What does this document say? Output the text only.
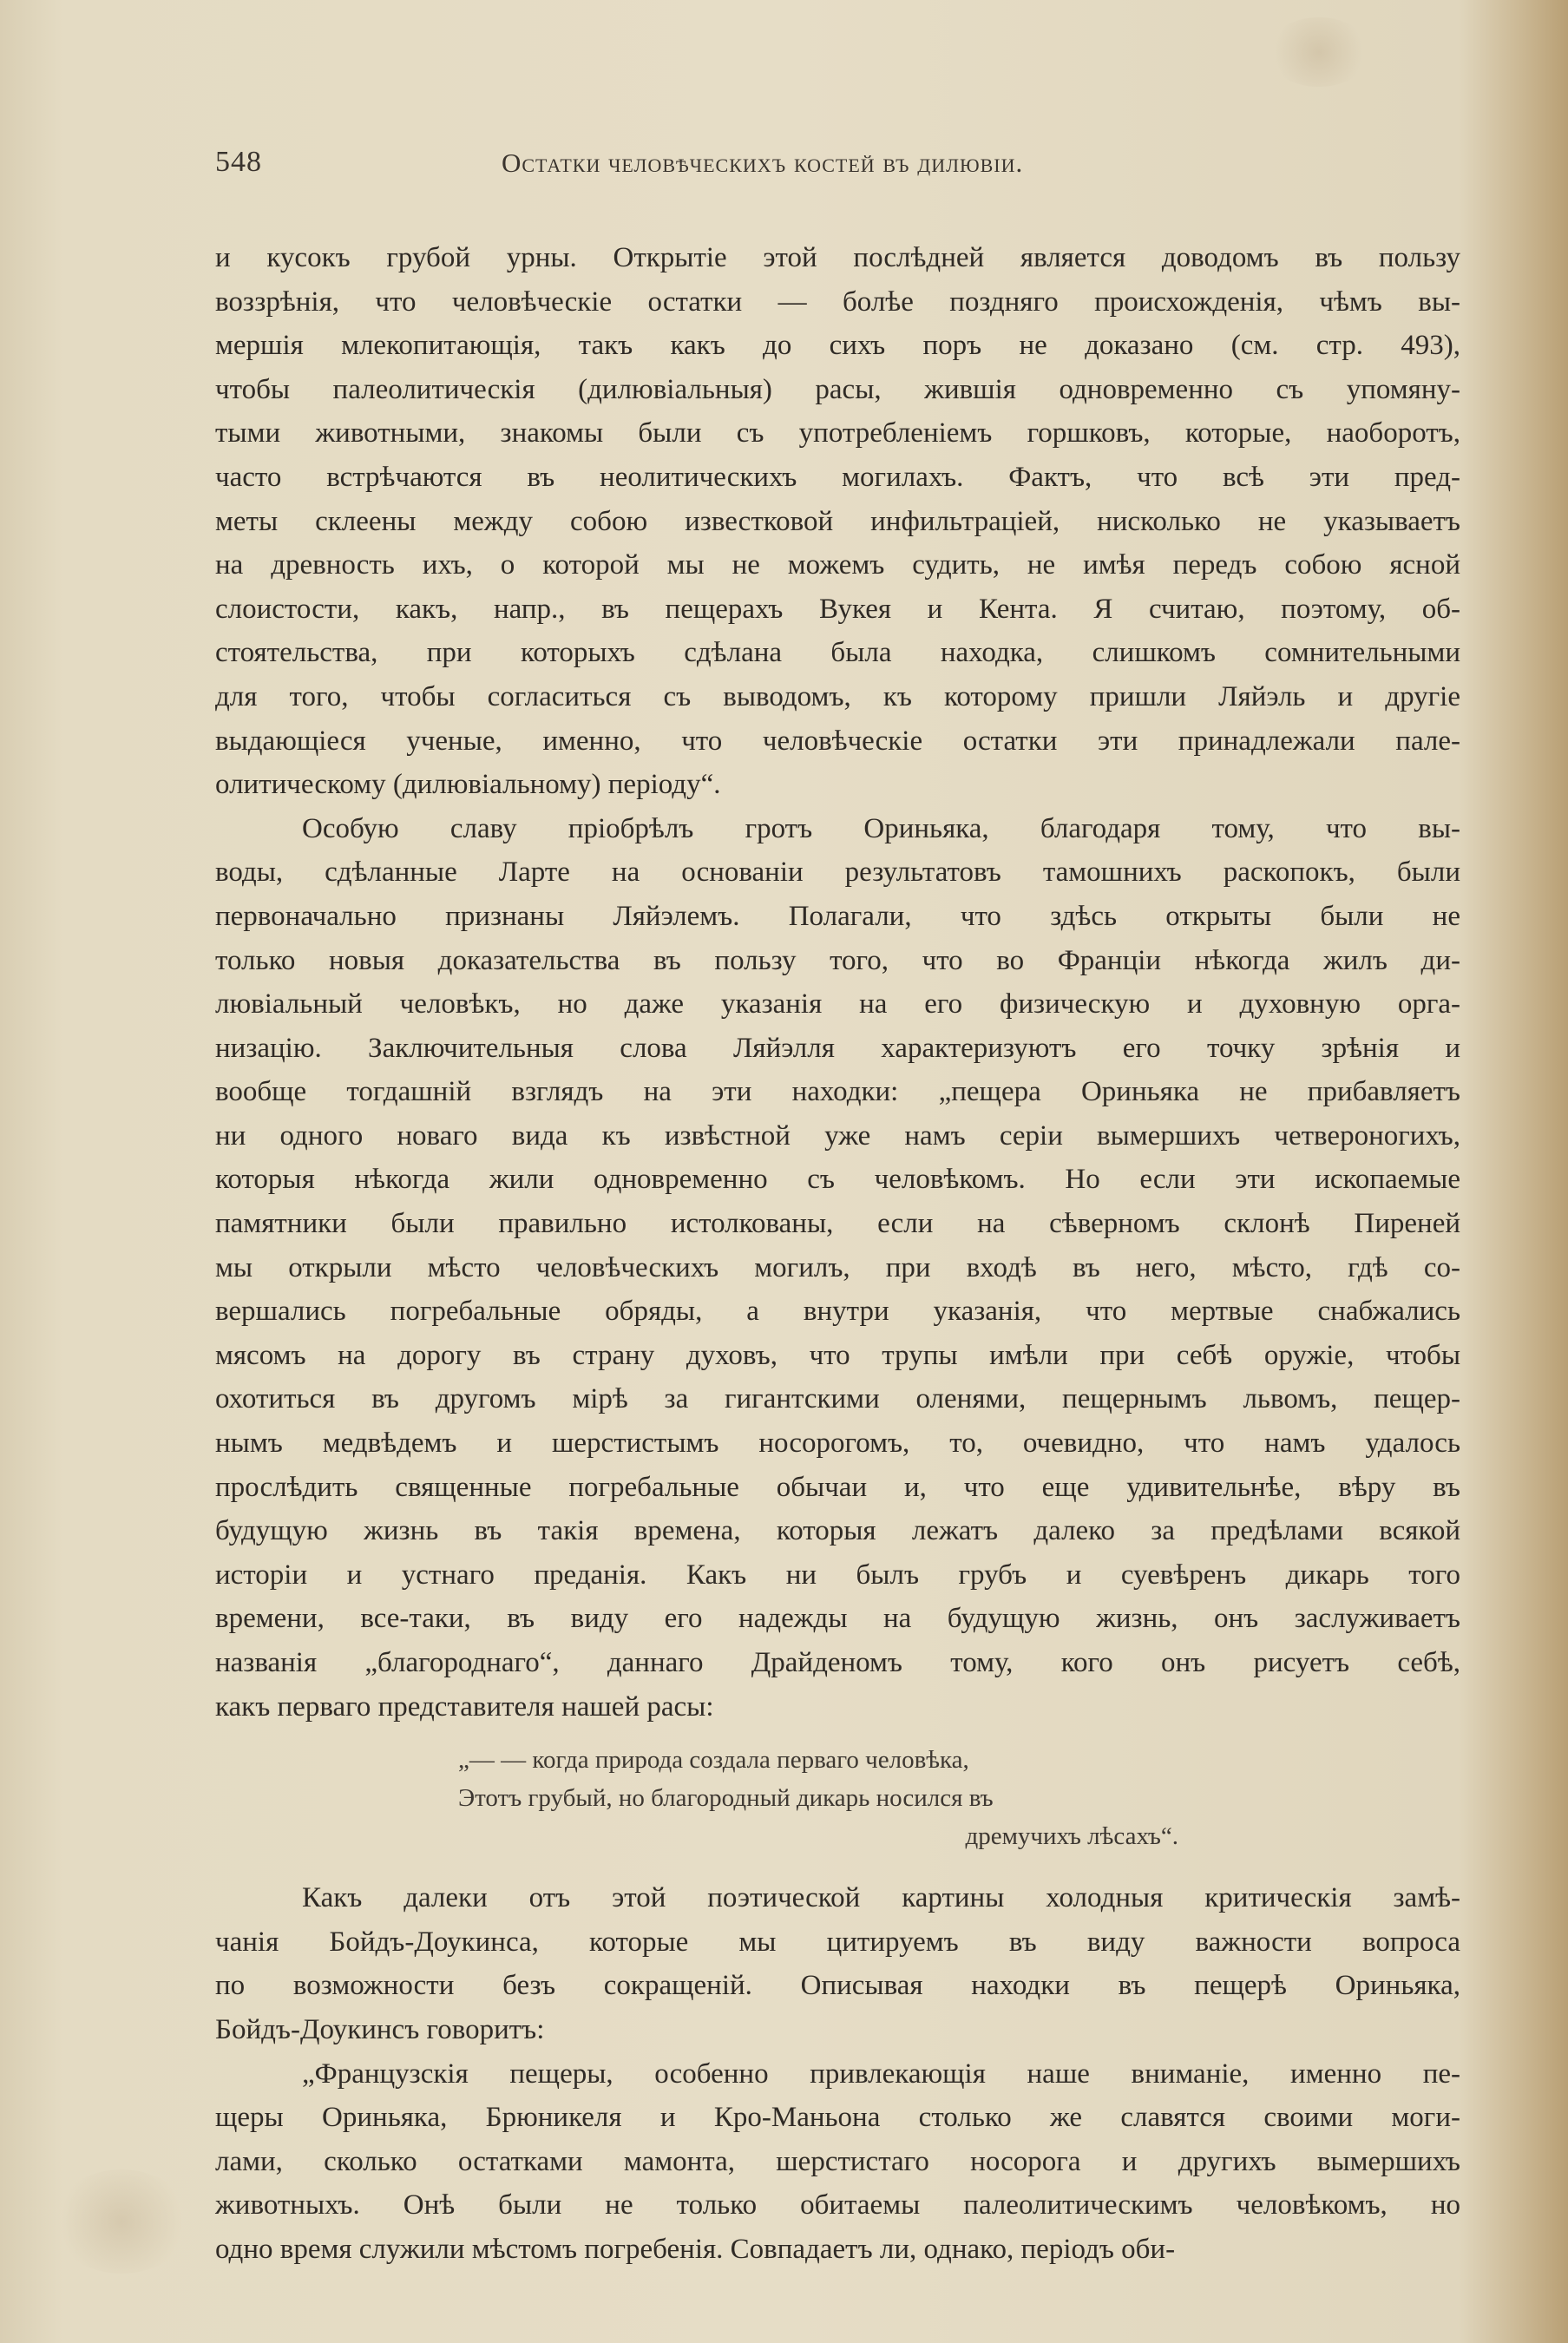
548	Остатки человѣческихъ костей въ дилювіи.

и кусокъ грубой урны. Открытіе этой послѣдней является доводомъ въ пользу
воззрѣнія, что человѣческіе остатки — болѣе поздняго происхожденія, чѣмъ вы-
мершія млекопитающія, такъ какъ до сихъ поръ не доказано (см. стр. 493),
чтобы палеолитическія (дилювіальныя) расы, жившія одновременно съ упомяну-
тыми животными, знакомы были съ употребленіемъ горшковъ, которые, наоборотъ,
часто встрѣчаются въ неолитическихъ могилахъ. Фактъ, что всѣ эти пред-
меты склеены между собою известковой инфильтраціей, нисколько не указываетъ
на древность ихъ, о которой мы не можемъ судить, не имѣя передъ собою ясной
слоистости, какъ, напр., въ пещерахъ Вукея и Кента. Я считаю, поэтому, об-
стоятельства, при которыхъ сдѣлана была находка, слишкомъ сомнительными
для того, чтобы согласиться съ выводомъ, къ которому пришли Ляйэль и другіе
выдающіеся ученые, именно, что человѣческіе остатки эти принадлежали пале-
олитическому (дилювіальному) періоду“.

Особую славу пріобрѣлъ гротъ Ориньяка, благодаря тому, что вы-
воды, сдѣланные Ларте на основаніи результатовъ тамошнихъ раскопокъ, были
первоначально признаны Ляйэлемъ. Полагали, что здѣсь открыты были не
только новыя доказательства въ пользу того, что во Франціи нѣкогда жилъ ди-
лювіальный человѣкъ, но даже указанія на его физическую и духовную орга-
низацію. Заключительныя слова Ляйэлля характеризуютъ его точку зрѣнія и
вообще тогдашній взглядъ на эти находки: „пещера Ориньяка не прибавляетъ
ни одного новаго вида къ извѣстной уже намъ серіи вымершихъ четвероногихъ,
которыя нѣкогда жили одновременно съ человѣкомъ. Но если эти ископаемые
памятники были правильно истолкованы, если на сѣверномъ склонѣ Пиреней
мы открыли мѣсто человѣческихъ могилъ, при входѣ въ него, мѣсто, гдѣ со-
вершались погребальные обряды, а внутри указанія, что мертвые снабжались
мясомъ на дорогу въ страну духовъ, что трупы имѣли при себѣ оружіе, чтобы
охотиться въ другомъ мірѣ за гигантскими оленями, пещернымъ львомъ, пещер-
нымъ медвѣдемъ и шерстистымъ носорогомъ, то, очевидно, что намъ удалось
прослѣдить священные погребальные обычаи и, что еще удивительнѣе, вѣру въ
будущую жизнь въ такія времена, которыя лежатъ далеко за предѣлами всякой
исторіи и устнаго преданія. Какъ ни былъ грубъ и суевѣренъ дикарь того
времени, все-таки, въ виду его надежды на будущую жизнь, онъ заслуживаетъ
названія „благороднаго“, даннаго Драйденомъ тому, кого онъ рисуетъ себѣ,
какъ перваго представителя нашей расы:

„— — когда природа создала перваго человѣка,
Этотъ грубый, но благородный дикарь носился въ
дремучихъ лѣсахъ“.

Какъ далеки отъ этой поэтической картины холодныя критическія замѣ-
чанія Бойдъ-Доукинса, которые мы цитируемъ въ виду важности вопроса
по возможности безъ сокращеній. Описывая находки въ пещерѣ Ориньяка,
Бойдъ-Доукинсъ говоритъ:

„Французскія пещеры, особенно привлекающія наше вниманіе, именно пе-
щеры Ориньяка, Брюникеля и Кро-Маньона столько же славятся своими моги-
лами, сколько остатками мамонта, шерстистаго носорога и другихъ вымершихъ
животныхъ. Онѣ были не только обитаемы палеолитическимъ человѣкомъ, но
одно время служили мѣстомъ погребенія. Совпадаетъ ли, однако, періодъ оби-
